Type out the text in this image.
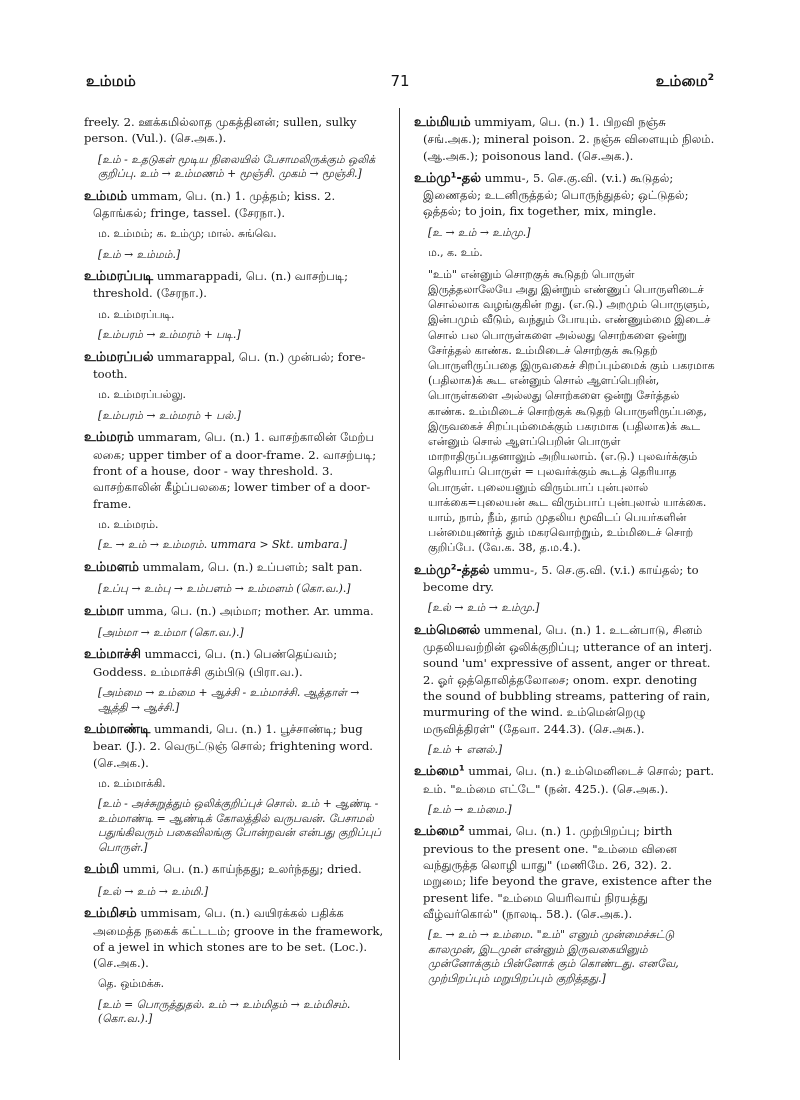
உம்மம்	71	உம்மை$^2$

freely. 2. ஊக்கமில்லாத முகத்தினன்; sullen, sulky person. (Vul.). (செ.அக.).

[உம் - உதடுகள் மூடிய நிலையில் பேசாமலிருக்கும் ஒலிக் குறிப்பு. உம் → உம்மணம் + மூஞ்சி. முகம் → மூஞ்சி.]

உம்மம் ummam, பெ. (n.) 1. முத்தம்; kiss. 2. தொங்கல்; fringe, tassel. (சேரநா.).

ம. உம்மம்; க. உம்மு; மால். சுங்வெ.

[உம் → உம்மம்.]

உம்மரப்படி ummarappadi, பெ. (n.) வாசற்படி; threshold. (சேரநா.).

ம. உம்மரப்படி.

[உம்பரம் → உம்மரம் + படி.]

உம்மரப்பல் ummarappal, பெ. (n.) முன்பல்; fore-tooth.

ம. உம்மரப்பல்லு.

[உம்பரம் → உம்மரம் + பல்.]

உம்மரம் ummaram, பெ. (n.) 1. வாசற்காலின் மேற்ப லகை; upper timber of a door-frame. 2. வாசற்படி; front of a house, door - way threshold. 3. வாசற்காலின் கீழ்ப்பலகை; lower timber of a door-frame.

ம. உம்மரம்.

[உ → உம் → உம்மரம். ummara > Skt. umbara.]

உம்மளம் ummalam, பெ. (n.) உப்பளம்; salt pan.

[உப்பு → உம்பு → உம்பளம் → உம்மளம் (கொ.வ.).]

உம்மா umma, பெ. (n.) அம்மா; mother. Ar. umma.

[அம்மா → உம்மா (கொ.வ.).]

உம்மாச்சி ummacci, பெ. (n.) பெண்தெய்வம்; Goddess. உம்மாச்சி கும்பிடு (பிரா.வ.).

[அம்மை → உம்மை + ஆச்சி - உம்மாச்சி. ஆத்தாள் → ஆத்தி → ஆச்சி.]

உம்மாண்டி ummandi, பெ. (n.) 1. பூச்சாண்டி; bug bear. (J.). 2. வெருட்டுஞ் சொல்; frightening word. (செ.அக.).

ம. உம்மாக்கி.

[உம் - அச்சுறுத்தும் ஒலிக்குறிப்புச் சொல். உம் + ஆண்டி - உம்மாண்டி = ஆண்டிக் கோலத்தில் வருபவன். பேசாமல் பதுங்கிவரும் பகைவிலங்கு போன்றவன் என்பது குறிப்புப் பொருள்.]

உம்மி ummi, பெ. (n.) காய்ந்தது; உலர்ந்தது; dried.

[உல் → உம் → உம்மி.]

உம்மிசம் ummisam, பெ. (n.) வயிரக்கல் பதிக்க அமைத்த நகைக் கட்டடம்; groove in the framework, of a jewel in which stones are to be set. (Loc.). (செ.அக.).

தெ. ஒம்மக்சு.

[உம் = பொருத்துதல். உம் → உம்மிதம் → உம்மிசம். (கொ.வ.).]

உம்மியம் ummiyam, பெ. (n.) 1. பிறவி நஞ்சு (சங்.அக.); mineral poison. 2. நஞ்சு விளையும் நிலம். (ஆ.அக.); poisonous land. (செ.அக.).

உம்மு¹-தல் ummu-, 5. செ.கு.வி. (v.i.) கூடுதல்; இணைதல்; உடனிருத்தல்; பொருந்துதல்; ஒட்டுதல்; ஒத்தல்; to join, fix together, mix, mingle.

[உ → உம் → உம்மு.]

ம., க. உம்.

"உம்" என்னும் சொறகுக் கூடுதற் பொருள் இருத்தலாலேயே அது இன்றும் எண்ணுப் பொருளிடைச் சொல்லாக வழங்குகின் றது. (எ.டு.) அறமும் பொருளும், இன்பமும் வீடும், வந்தும் போயும். எண்ணும்மை இடைச் சொல் பல பொருள்களை அல்லது சொற்களை ஒன்று சேர்த்தல் காண்க. உம்மிடைச் சொற்குக் கூடுதற் பொருளிருப்பதை இருவகைச் சிறப்பும்மைக் கும் பகரமாக (பதிலாக)க் கூட என்னும் சொல் ஆளப்பெறின், பொருள்களை அல்லது சொற்களை ஒன்று சேர்த்தல் காண்க. உம்மிடைச் சொற்குக் கூடுதற் பொருளிருப்பதை, இருவகைச் சிறப்பும்மைக்கும் பகரமாக (பதிலாக)க் கூட என்னும் சொல் ஆளப்பெறின் பொருள் மாறாதிருப்பதனாலும் அறியலாம். (எ.டு.) புலவர்க்கும் தெரியாப் பொருள் = புலவர்க்கும் கூடத் தெரியாத பொருள். புலையனும் விரும்பாப் புன்புலால் யாக்கை=புலையன் கூட விரும்பாப் புன்புலால் யாக்கை. யாம், நாம், நீம், தாம் முதலிய மூவிடப் பெயர்களின் பன்மையுணர்த் தும் மகரவொற்றும், உம்மிடைச் சொற் குறிப்பே. (வே.க. 38, த.ம.4.).

உம்மு²-த்தல் ummu-, 5. செ.கு.வி. (v.i.) காய்தல்; to become dry.

[உல் → உம் → உம்மு.]

உம்மெனல் ummenal, பெ. (n.) 1. உடன்பாடு, சினம் முதலியவற்றின் ஒலிக்குறிப்பு; utterance of an interj. sound 'um' expressive of assent, anger or threat. 2. ஓர் ஒத்தொலித்தலோசை; onom. expr. denoting the sound of bubbling streams, pattering of rain, murmuring of the wind. உம்மென்றெழு மருவித்திரள்" (தேவா. 244.3). (செ.அக.).

[உம் + எனல்.]

உம்மை¹ ummai, பெ. (n.) உம்மெனிடைச் சொல்; part. உம். "உம்மை எட்டே" (நன். 425.). (செ.அக.).

[உம் → உம்மை.]

உம்மை² ummai, பெ. (n.) 1. முற்பிறப்பு; birth previous to the present one. "உம்மை வினை வந்துருத்த லொழி யாது" (மணிமே. 26, 32). 2. மறுமை; life beyond the grave, existence after the present life. "உம்மை யெரிவாய் நிரயத்து வீழ்வர்கொல்" (நாலடி. 58.). (செ.அக.).

[உ → உம் → உம்மை. "உம்" எனும் முன்மைச்சுட்டு காலமுன், இடமுன் என்னும் இருவகையினும் முன்னோக்கும் பின்னோக் கும் கொண்டது. எனவே, முற்பிறப்பும் மறுபிறப்பும் குறித்தது.]
